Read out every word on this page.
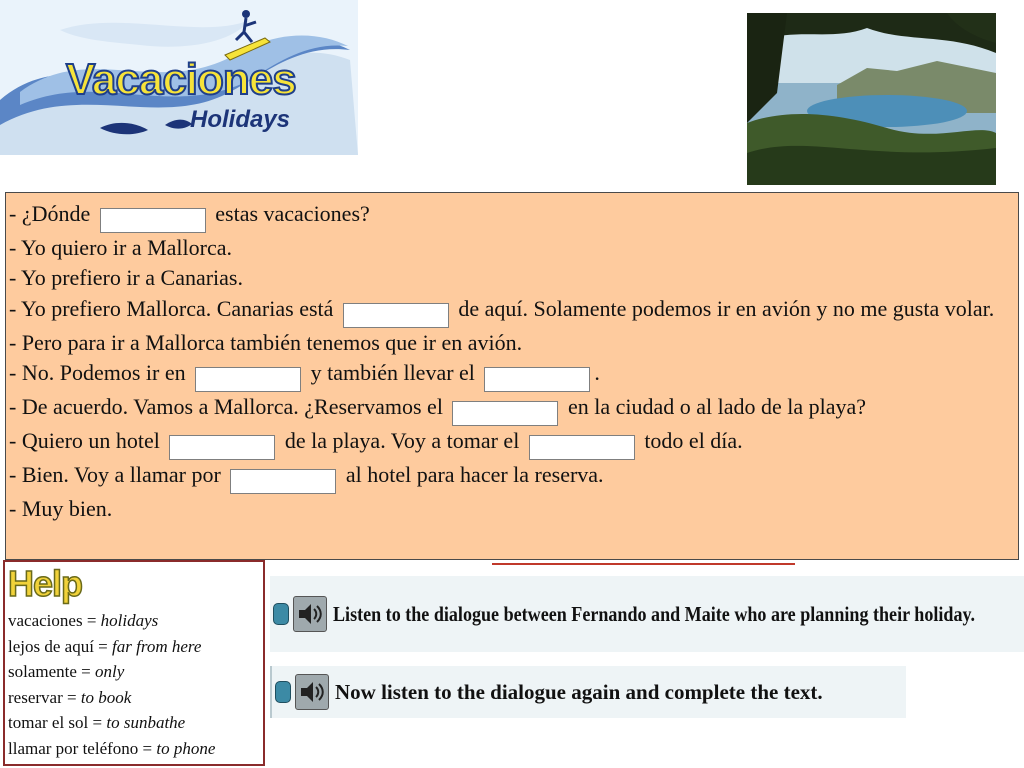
Vacaciones
Holidays
- ¿Dónde	estas vacaciones?
- Yo quiero ir a Mallorca.
- Yo prefiero ir a Canarias.
- Yo prefiero Mallorca. Canarias está	de aquí. Solamente podemos ir en avión y no me gusta volar.
- Pero para ir a Mallorca también tenemos que ir en avión.
- No. Podemos ir en	y también llevar el	.
- De acuerdo. Vamos a Mallorca. ¿Reservamos el	en la ciudad o al lado de la playa?
- Quiero un hotel	de la playa. Voy a tomar el	todo el día.
- Bien. Voy a llamar por	al hotel para hacer la reserva.
- Muy bien.
Help
vacaciones = holidays
lejos de aquí = far from here
solamente = only
reservar = to book
tomar el sol = to sunbathe
llamar por teléfono = to phone
Listen to the dialogue between Fernando and Maite who are planning their holiday.
Now listen to the dialogue again and complete the text.
